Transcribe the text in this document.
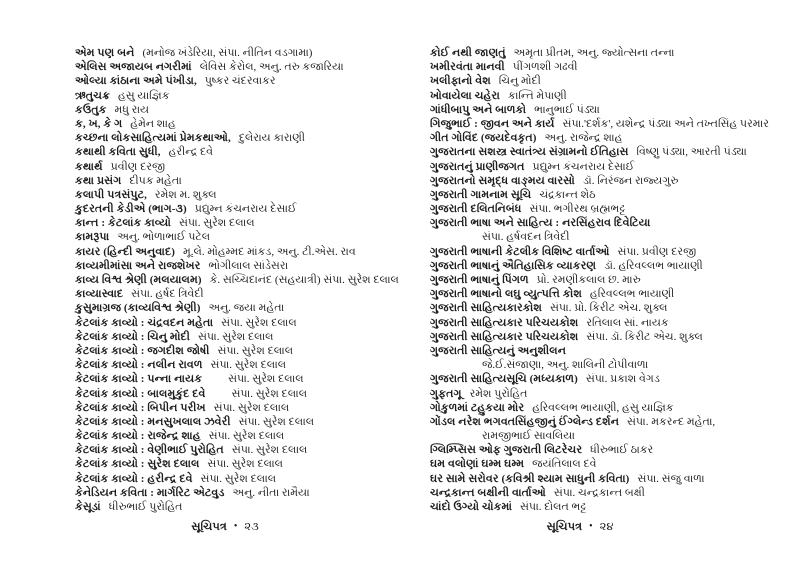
એમ પણ બને (મનોજ ખંડેરિયા, સંપા. નીતિન વડગામા)
એલિસ અજાયબ નગરીમાં લેવિસ કેરોલ, અનુ. તરુ કજારિયા
ઓલ્યા કાંઠાના અમે પંખીડા, પુષ્કર ચંદરવાકર
ઋતુચક્ર હસુ યાજ્ઞિક
કઉતુક મધુ રાય
ક, ખ, કે ગ હેમેન શાહ
કચ્છના લોકસાહિત્યમાં પ્રેમકથાઓ, દુલેરાય કારાણી
કથાથી કવિતા સુધી, હરીન્દ્ર દવે
કથાર્થ પ્રવીણ દરજી
કથા પ્રસંગ દીપક મહેતા
કલાપી પત્રસંપુટ, રમેશ મ. શુક્લ
કુદરતની કેડીએ (ભાગ-૩) પ્રદ્યુમ્ન કંચનરાય દેસાઈ
કાન્ત : કેટલાંક કાવ્યો સંપા. સુરેશ દલાલ
કામરૂપા અનુ. ભોળાભાઈ પટેલ
કાયર (હિન્દી અનુવાદ) મૂ.લે. મોહમ્મદ માંકડ, અનુ. ટી.એસ. રાવ
કાવ્યમીમાંસા અને રાજશેખર ભોગીલાલ સાંડેસરા
કાવ્ય વિશ્વ શ્રેણી (મલયાલમ) કે. સચ્ચિદાનંદ (સહયાત્રી) સંપા. સુરેશ દલાલ
કાવ્યાસ્વાદ સંપા. હર્ષદ ત્રિવેદી
કુસુમાગ્રજ (કાવ્યવિશ્વ શ્રેણી) અનુ. જયા મહેતા
કેટલાંક કાવ્યો : ચંદ્રવદન મહેતા સંપા. સુરેશ દલાલ
કેટલાંક કાવ્યો : ચિનુ મોદી સંપા. સુરેશ દલાલ
કેટલાંક કાવ્યો : જગદીશ જોષી સંપા. સુરેશ દલાલ
કેટલાંક કાવ્યો : નલીન રાવળ સંપા. સુરેશ દલાલ
કેટલાંક કાવ્યો : પન્ના નાયક સંપા. સુરેશ દલાલ
કેટલાંક કાવ્યો : બાલમુકુંદ દવે સંપા. સુરેશ દલાલ
કેટલાંક કાવ્યો : બિપીન પરીખ સંપા. સુરેશ દલાલ
કેટલાંક કાવ્યો : મનસુખલાલ ઝવેરી સંપા. સુરેશ દલાલ
કેટલાંક કાવ્યો : રાજેન્દ્ર શાહ સંપા. સુરેશ દલાલ
કેટલાંક કાવ્યો : વેણીભાઈ પુરોહિત સંપા. સુરેશ દલાલ
કેટલાંક કાવ્યો : સુરેશ દલાલ સંપા. સુરેશ દલાલ
કેટલાંક કાવ્યો : હરીન્દ્ર દવે સંપા. સુરેશ દલાલ
કેનેડિયન કવિતા : માર્ગરિટ એટવુડ અનુ. નીતા રામૈયા
કેસૂડાં ધીરુભાઈ પુરોહિત
કોઈ નથી જાણતું અમૃતા પ્રીતમ, અનુ. જ્યોત્સના તન્ના
ખમીરવંતા માનવી પીંગળશી ગઢવી
ખલીફાનો વેશ ચિનુ મોદી
ખોવાયેલા ચહેરા કાન્તિ મેપાણી
ગાંધીબાપુ અને બાળકો ભાનુભાઈ પંડ્યા
ગિજુભાઈ : જીવન અને કાર્ય સંપા.'દર્શક', યશેન્દ્ર પંડ્યા અને તખ્તસિંહ પરમાર
ગીત ગોવિંદ (જયદેવકૃત) અનુ. રાજેન્દ્ર શાહ
ગુજરાતના સશસ્ત્ર સ્વાતંત્ર્ય સંગ્રામનો ઈતિહાસ વિષ્ણુ પંડ્યા, આરતી પંડ્યા
ગુજરાતનું પ્રાણીજગત પ્રદ્યુમ્ન કંચનરાય દેસાઈ
ગુજરાતનો સમૃદ્ધ વાઙ્મય વારસો ડૉ. નિરંજન રાજ્યગુરુ
ગુજરાતી ગામનામ સૂચિ ચંદ્રકાન્ત શેઠ
ગુજરાતી દલિતનિબંધ સંપા. ભગીરથ બ્રહ્મભટ્ટ
ગુજરાતી ભાષા અને સાહિત્ય : નરસિંહરાવ દિવેટિયા
સંપા. હર્ષવદન ત્રિવેદી
ગુજરાતી ભાષાની કેટલીક વિશિષ્ટ વાર્તાઓ સંપા. પ્રવીણ દરજી
ગુજરાતી ભાષાનું ઐતિહાસિક વ્યાકરણ ડૉ. હરિવલ્લભ ભાયાણી
ગુજરાતી ભાષાનું પિંગળ પ્રો. રમણીકલાલ છ. મારુ
ગુજરાતી ભાષાનો લઘુ વ્યુત્પત્તિ કોશ હરિવલ્લભ ભાયાણી
ગુજરાતી સાહિત્યકારકોશ સંપા. પ્રો. કિરીટ એચ. શુક્લ
ગુજરાતી સાહિત્યકાર પરિચયકોશ રતિલાલ સાં. નાયક
ગુજરાતી સાહિત્યકાર પરિચયકોશ સંપા. ડૉ. કિરીટ એચ. શુક્લ
ગુજરાતી સાહિત્યનું અનુશીલન
જે.ઈ.સંજાણા, અનુ. શાલિની ટોપીવાળા
ગુજરાતી સાહિત્યસૂચિ (મધ્યકાળ) સંપા. પ્રકાશ વેગડ
ગુફતગૂ રમેશ પુરોહિત
ગોકુળમાં ટહુકયા મોર હરિવલ્લભ ભાયાણી, હસુ યાજ્ઞિક
ગોંડલ નરેશ ભગવતસિંહજીનું ઈંગ્લેન્ડ દર્શન સંપા. મકરન્દ મહેતા,
રામજીભાઈ સાવલિયા
ગ્લિમ્પ્સિસ ઓફ ગુજરાતી લિટરેચર ધીરુભાઈ ઠાકર
ઘમ વલોણાં ઘમ્મ ઘમ્મ જયંતિલાલ દવે
ઘર સામે સરોવર (કવિશ્રી શ્યામ સાધુની કવિતા) સંપા. સંજુ વાળા
ચન્દ્રકાન્ત બક્ષીની વાર્તાઓ સંપા. ચન્દ્રકાન્ત બક્ષી
ચાંદો ઉગ્યો ચોકમાં સંપા. દોલત ભટ્ટ
સૂચિપત્ર • ૨૩	સૂચિપત્ર • ૨૪
